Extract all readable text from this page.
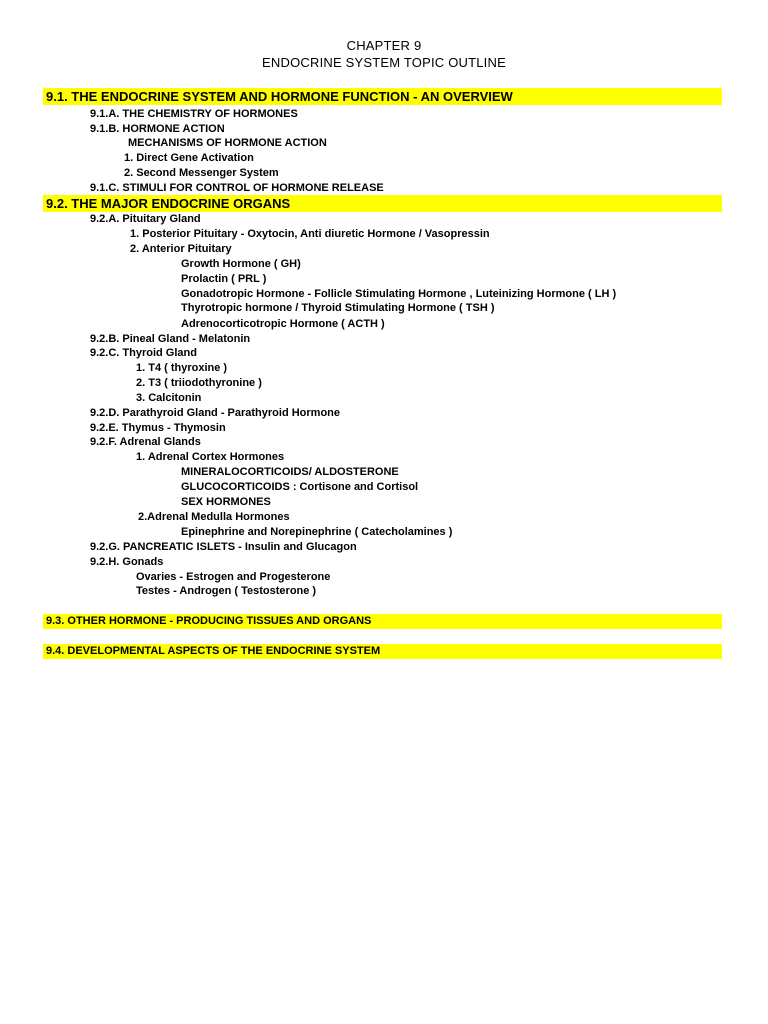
CHAPTER 9
ENDOCRINE SYSTEM TOPIC OUTLINE
9.1. THE ENDOCRINE SYSTEM AND HORMONE FUNCTION - AN OVERVIEW
9.1.A. THE CHEMISTRY OF HORMONES
9.1.B. HORMONE ACTION
MECHANISMS OF HORMONE ACTION
1. Direct Gene Activation
2. Second Messenger System
9.1.C. STIMULI FOR CONTROL OF HORMONE RELEASE
9.2. THE MAJOR ENDOCRINE ORGANS
9.2.A. Pituitary Gland
1. Posterior Pituitary - Oxytocin, Anti diuretic Hormone / Vasopressin
2. Anterior Pituitary
Growth Hormone ( GH)
Prolactin ( PRL )
Gonadotropic Hormone - Follicle Stimulating Hormone , Luteinizing Hormone ( LH )
Thyrotropic hormone / Thyroid Stimulating Hormone ( TSH )
Adrenocorticotropic Hormone ( ACTH )
9.2.B. Pineal Gland - Melatonin
9.2.C. Thyroid Gland
1. T4 ( thyroxine )
2. T3 ( triiodothyronine )
3. Calcitonin
9.2.D. Parathyroid Gland - Parathyroid Hormone
9.2.E. Thymus - Thymosin
9.2.F. Adrenal Glands
1. Adrenal Cortex Hormones
MINERALOCORTICOIDS/ ALDOSTERONE
GLUCOCORTICOIDS : Cortisone and Cortisol
SEX HORMONES
2.Adrenal Medulla Hormones
Epinephrine and Norepinephrine ( Catecholamines )
9.2.G. PANCREATIC ISLETS - Insulin and Glucagon
9.2.H. Gonads
Ovaries - Estrogen and Progesterone
Testes - Androgen ( Testosterone )
9.3. OTHER HORMONE - PRODUCING TISSUES AND ORGANS
9.4. DEVELOPMENTAL ASPECTS OF THE ENDOCRINE SYSTEM
